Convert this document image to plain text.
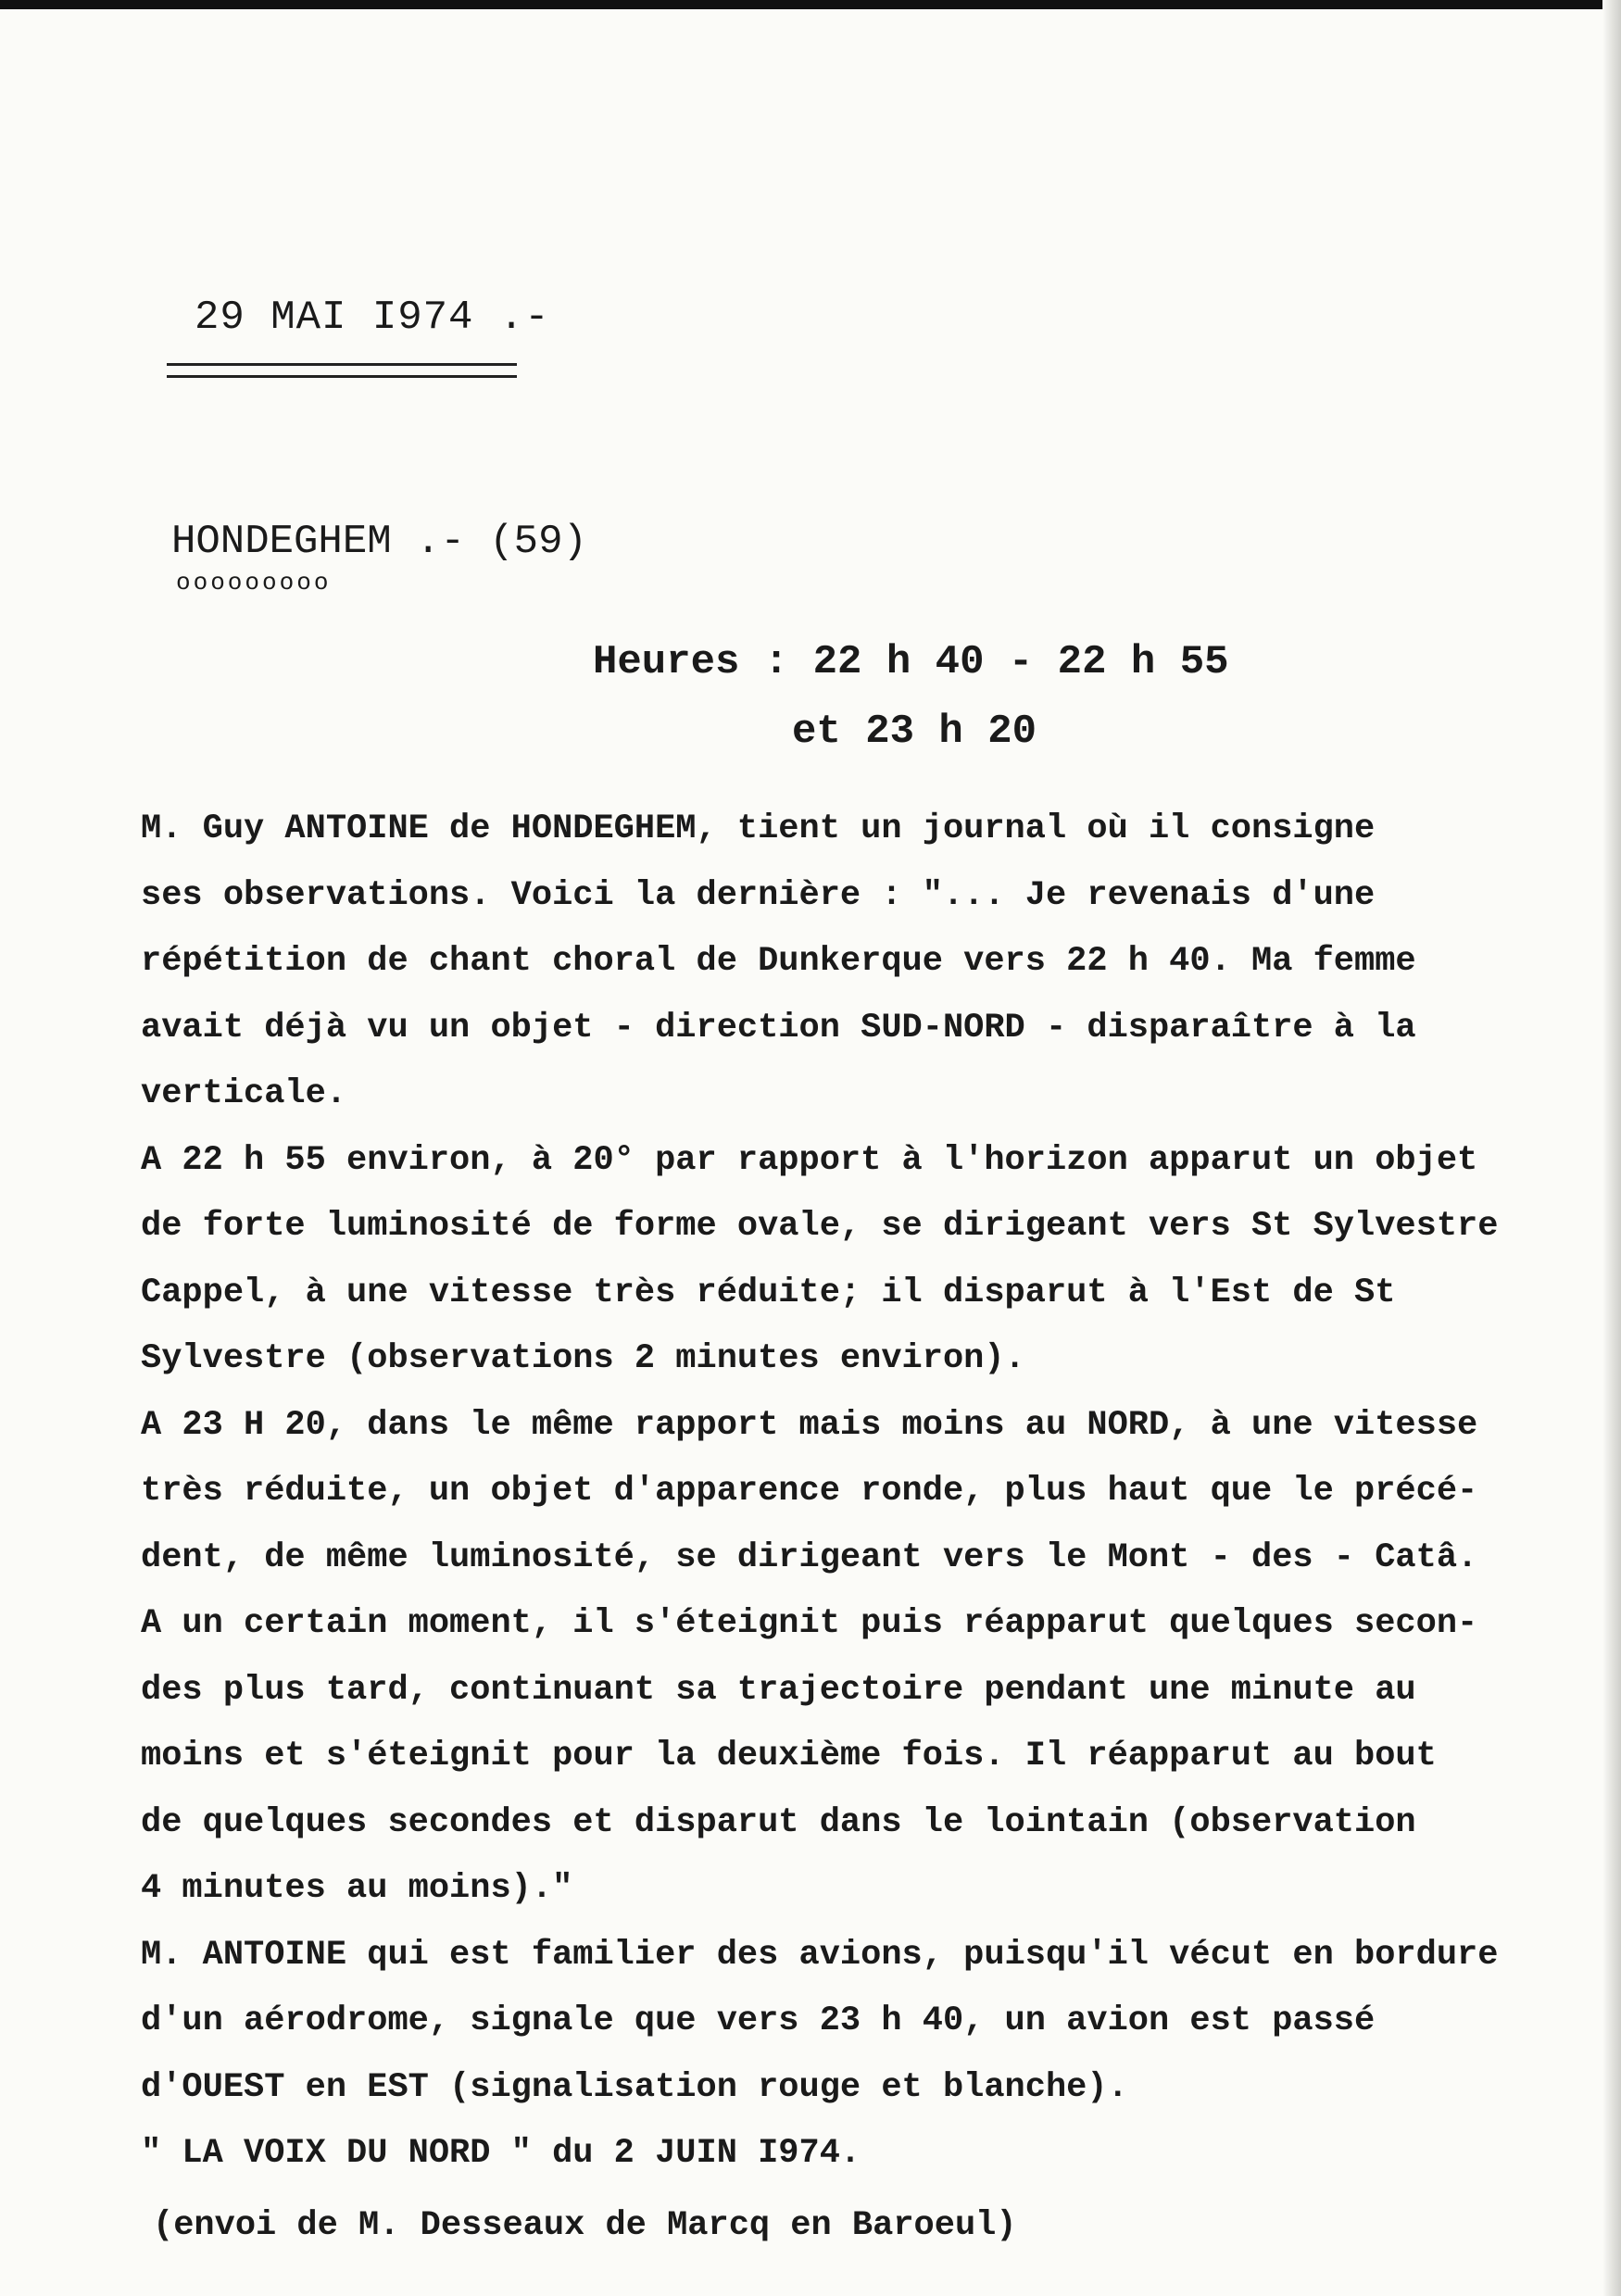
29 MAI I974 .-
HONDEGHEM .- (59)
ooooooooo
Heures : 22 h 40 - 22 h 55
et 23 h 20

M. Guy ANTOINE de HONDEGHEM, tient un journal où il consigne

ses observations. Voici la dernière : "... Je revenais d'une

répétition de chant choral de Dunkerque vers 22 h 40. Ma femme

avait déjà vu un objet - direction SUD-NORD - disparaître à la

verticale.

A 22 h 55 environ, à 20° par rapport à l'horizon apparut un objet

de forte luminosité de forme ovale, se dirigeant vers St Sylvestre

Cappel, à une vitesse très réduite; il disparut à l'Est de St

Sylvestre (observations 2 minutes environ).

A 23 H 20, dans le même rapport mais moins au NORD, à une vitesse

très réduite, un objet d'apparence ronde, plus haut que le précé-

dent, de même luminosité, se dirigeant vers le Mont - des - Catâ.

A un certain moment, il s'éteignit puis réapparut quelques secon-

des plus tard, continuant sa trajectoire pendant une minute au

moins et s'éteignit pour la deuxième fois. Il réapparut au bout

de quelques secondes et disparut dans le lointain (observation

4 minutes au moins)."

M. ANTOINE qui est familier des avions, puisqu'il vécut en bordure

d'un aérodrome, signale que vers 23 h 40, un avion est passé

d'OUEST en EST (signalisation rouge et blanche).

" LA VOIX DU NORD " du 2 JUIN I974.

(envoi de M. Desseaux de Marcq en Baroeul)
